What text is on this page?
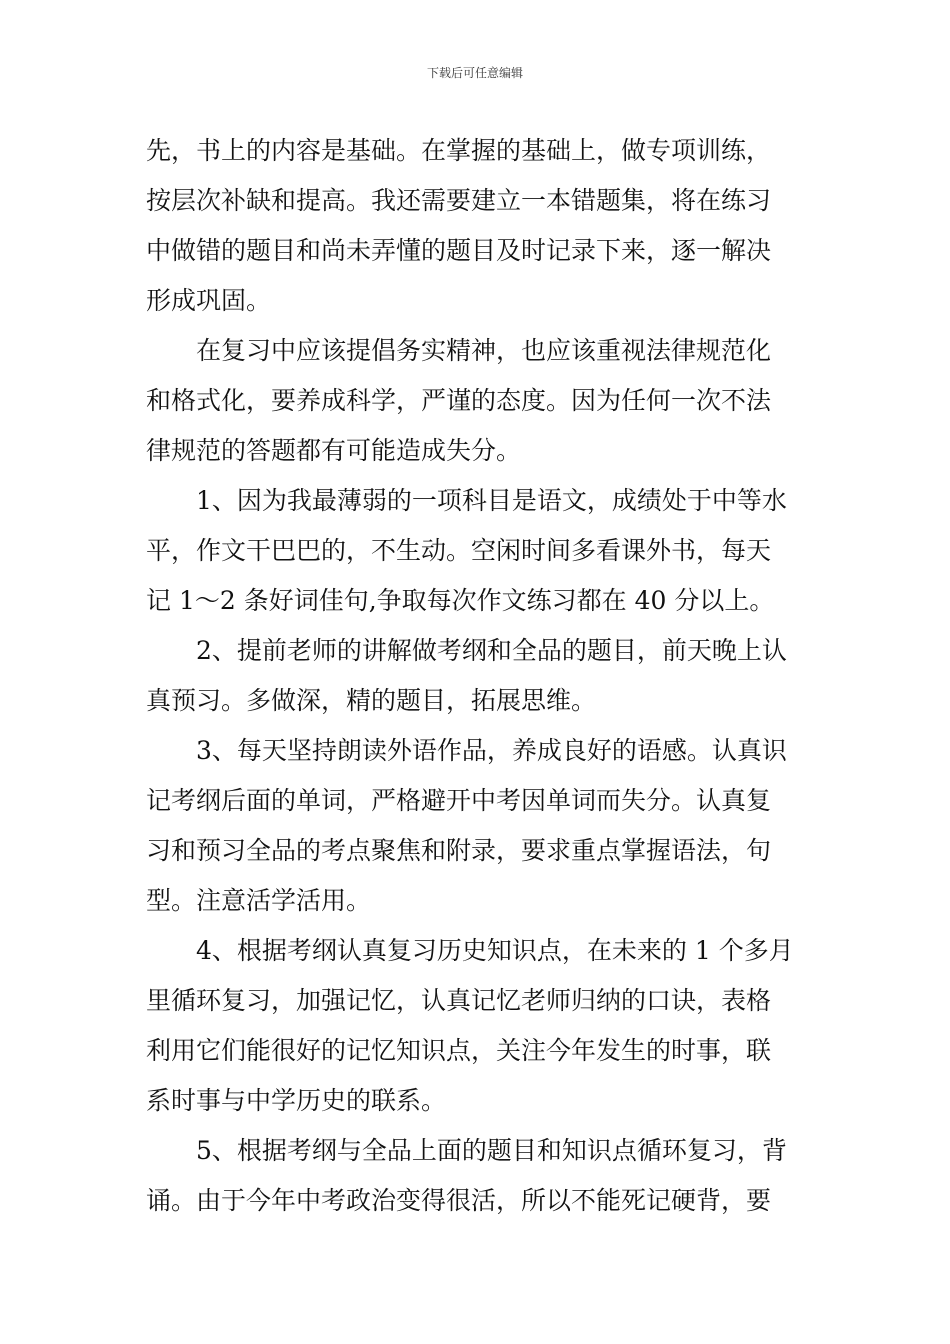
下载后可任意编辑
先，书上的内容是基础。在掌握的基础上，做专项训练，
按层次补缺和提高。我还需要建立一本错题集，将在练习
中做错的题目和尚未弄懂的题目及时记录下来，逐一解决
形成巩固。
　　在复习中应该提倡务实精神，也应该重视法律规范化
和格式化，要养成科学，严谨的态度。因为任何一次不法
律规范的答题都有可能造成失分。
　　1、因为我最薄弱的一项科目是语文，成绩处于中等水
平，作文干巴巴的，不生动。空闲时间多看课外书，每天
记 1～2 条好词佳句,争取每次作文练习都在 40 分以上。
　　2、提前老师的讲解做考纲和全品的题目，前天晚上认
真预习。多做深，精的题目，拓展思维。
　　3、每天坚持朗读外语作品，养成良好的语感。认真识
记考纲后面的单词，严格避开中考因单词而失分。认真复
习和预习全品的考点聚焦和附录，要求重点掌握语法，句
型。注意活学活用。
　　4、根据考纲认真复习历史知识点，在未来的 1 个多月
里循环复习，加强记忆，认真记忆老师归纳的口诀，表格
利用它们能很好的记忆知识点，关注今年发生的时事，联
系时事与中学历史的联系。
　　5、根据考纲与全品上面的题目和知识点循环复习，背
诵。由于今年中考政治变得很活，所以不能死记硬背，要
